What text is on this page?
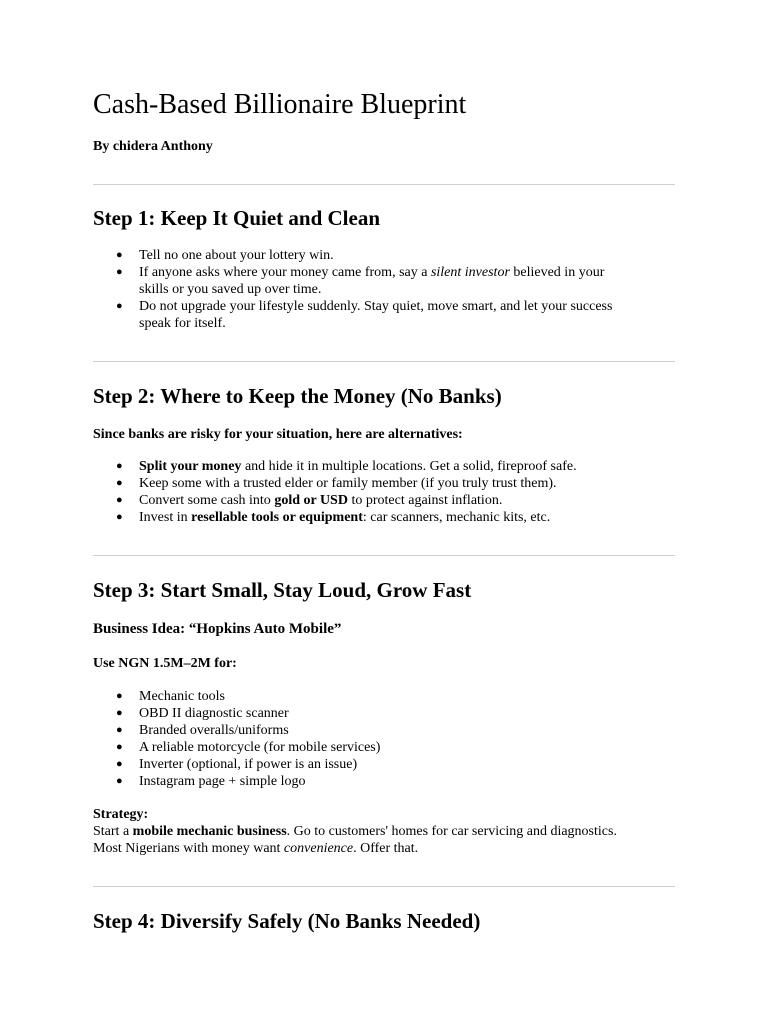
Cash-Based Billionaire Blueprint
By chidera Anthony
Step 1: Keep It Quiet and Clean
● Tell no one about your lottery win.
● If anyone asks where your money came from, say a silent investor believed in your
skills or you saved up over time.
● Do not upgrade your lifestyle suddenly. Stay quiet, move smart, and let your success
speak for itself.
Step 2: Where to Keep the Money (No Banks)
Since banks are risky for your situation, here are alternatives:
● Split your money and hide it in multiple locations. Get a solid, fireproof safe.
● Keep some with a trusted elder or family member (if you truly trust them).
● Convert some cash into gold or USD to protect against inflation.
● Invest in resellable tools or equipment: car scanners, mechanic kits, etc.
Step 3: Start Small, Stay Loud, Grow Fast
Business Idea: “Hopkins Auto Mobile”
Use NGN 1.5M–2M for:
● Mechanic tools
● OBD II diagnostic scanner
● Branded overalls/uniforms
● A reliable motorcycle (for mobile services)
● Inverter (optional, if power is an issue)
● Instagram page + simple logo
Strategy:
Start a mobile mechanic business. Go to customers' homes for car servicing and diagnostics.
Most Nigerians with money want convenience. Offer that.
Step 4: Diversify Safely (No Banks Needed)
